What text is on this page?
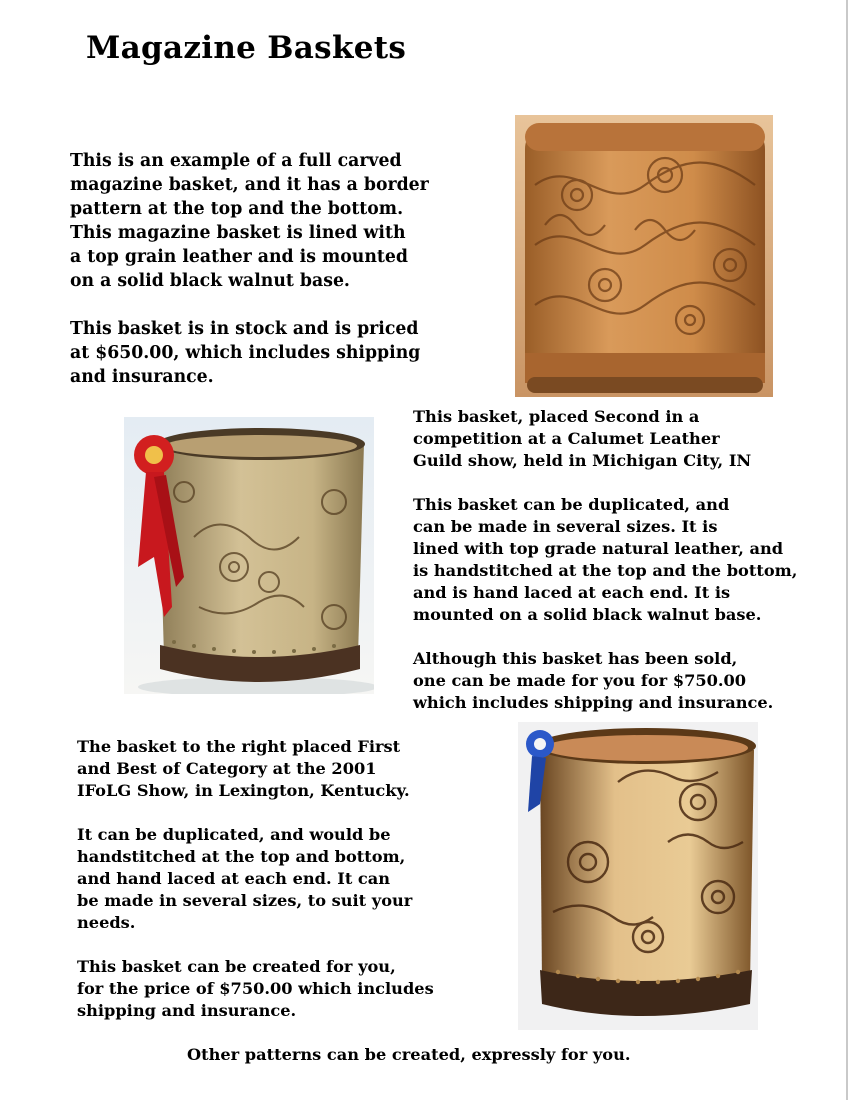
Magazine Baskets

This is an example of a full carved
magazine basket, and it has a border
pattern at the top and the bottom.
This magazine basket is lined with
a top grain leather and is mounted
on a solid black walnut base.

This basket is in stock and is priced
at $650.00, which includes shipping
and insurance.

This basket, placed Second in a
competition at a Calumet Leather
Guild show, held in Michigan City, IN

This basket can be duplicated, and
can be made in several sizes. It is
lined with top grade natural leather, and
is handstitched at the top and the bottom,
and is hand laced at each end. It is
mounted on a solid black walnut base.

Although this basket has been sold,
one can be made for you for $750.00
which includes shipping and insurance.

The basket to the right placed First
and Best of Category at the 2001
IFoLG Show, in Lexington, Kentucky.

It can be duplicated, and would be
handstitched at the top and bottom,
and hand laced at each end. It can
be made in several sizes, to suit your
needs.

This basket can be created for you,
for the price of $750.00 which includes
shipping and insurance.

Other patterns can be created, expressly for you.
